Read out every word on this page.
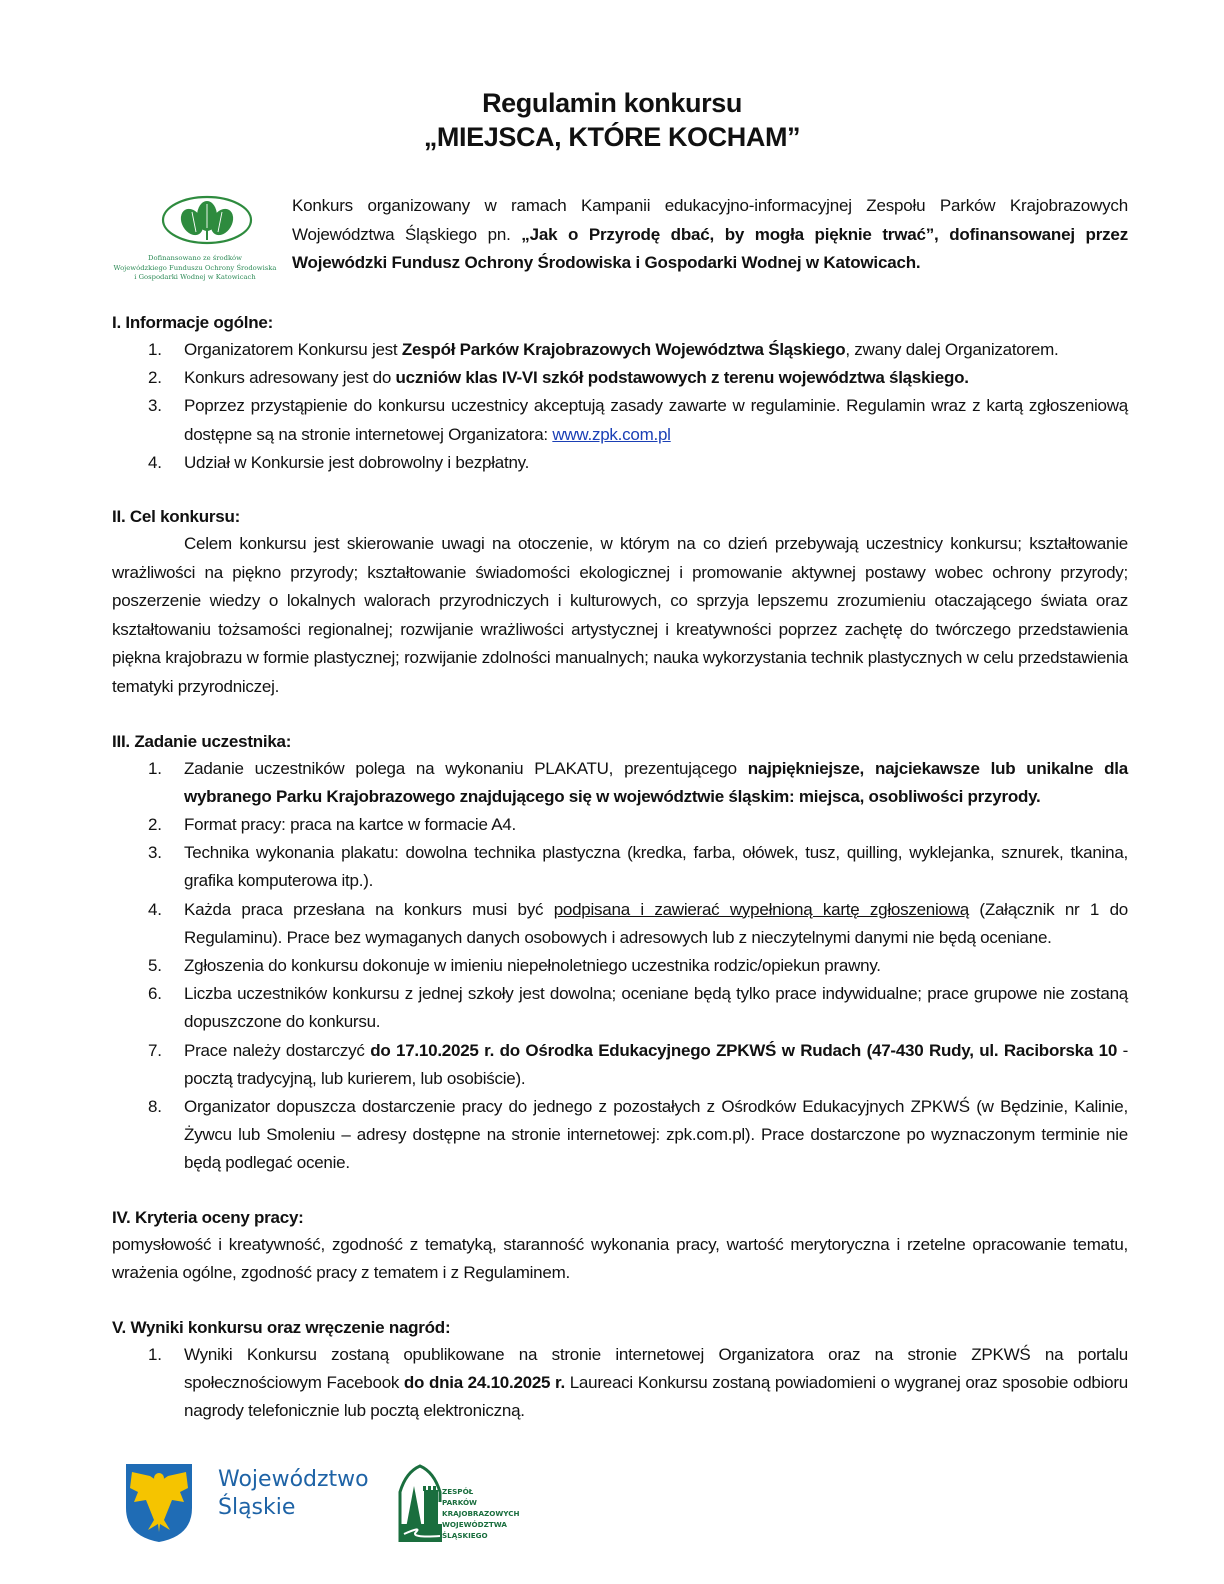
Regulamin konkursu
„MIEJSCA, KTÓRE KOCHAM”
Dofinansowano ze środków
Wojewódzkiego Funduszu Ochrony Środowiska
i Gospodarki Wodnej w Katowicach
Konkurs organizowany w ramach Kampanii edukacyjno-informacyjnej Zespołu Parków Krajobrazowych Województwa Śląskiego pn. „Jak o Przyrodę dbać, by mogła pięknie trwać”, dofinansowanej przez Wojewódzki Fundusz Ochrony Środowiska i Gospodarki Wodnej w Katowicach.
I. Informacje ogólne:
1. Organizatorem Konkursu jest Zespół Parków Krajobrazowych Województwa Śląskiego, zwany dalej Organizatorem.
2. Konkurs adresowany jest do uczniów klas IV-VI szkół podstawowych z terenu województwa śląskiego.
3. Poprzez przystąpienie do konkursu uczestnicy akceptują zasady zawarte w regulaminie. Regulamin wraz z kartą zgłoszeniową dostępne są na stronie internetowej Organizatora: www.zpk.com.pl
4. Udział w Konkursie jest dobrowolny i bezpłatny.
II. Cel konkursu:
Celem konkursu jest skierowanie uwagi na otoczenie, w którym na co dzień przebywają uczestnicy konkursu; kształtowanie wrażliwości na piękno przyrody; kształtowanie świadomości ekologicznej i promowanie aktywnej postawy wobec ochrony przyrody; poszerzenie wiedzy o lokalnych walorach przyrodniczych i kulturowych, co sprzyja lepszemu zrozumieniu otaczającego świata oraz kształtowaniu tożsamości regionalnej; rozwijanie wrażliwości artystycznej i kreatywności poprzez zachętę do twórczego przedstawienia piękna krajobrazu w formie plastycznej; rozwijanie zdolności manualnych; nauka wykorzystania technik plastycznych w celu przedstawienia tematyki przyrodniczej.
III. Zadanie uczestnika:
1. Zadanie uczestników polega na wykonaniu PLAKATU, prezentującego najpiękniejsze, najciekawsze lub unikalne dla wybranego Parku Krajobrazowego znajdującego się w województwie śląskim: miejsca, osobliwości przyrody.
2. Format pracy: praca na kartce w formacie A4.
3. Technika wykonania plakatu: dowolna technika plastyczna (kredka, farba, ołówek, tusz, quilling, wyklejanka, sznurek, tkanina, grafika komputerowa itp.).
4. Każda praca przesłana na konkurs musi być podpisana i zawierać wypełnioną kartę zgłoszeniową (Załącznik nr 1 do Regulaminu). Prace bez wymaganych danych osobowych i adresowych lub z nieczytelnymi danymi nie będą oceniane.
5. Zgłoszenia do konkursu dokonuje w imieniu niepełnoletniego uczestnika rodzic/opiekun prawny.
6. Liczba uczestników konkursu z jednej szkoły jest dowolna; oceniane będą tylko prace indywidualne; prace grupowe nie zostaną dopuszczone do konkursu.
7. Prace należy dostarczyć do 17.10.2025 r. do Ośrodka Edukacyjnego ZPKWŚ w Rudach (47-430 Rudy, ul. Raciborska 10 - pocztą tradycyjną, lub kurierem, lub osobiście).
8. Organizator dopuszcza dostarczenie pracy do jednego z pozostałych z Ośrodków Edukacyjnych ZPKWŚ (w Będzinie, Kalinie, Żywcu lub Smoleniu – adresy dostępne na stronie internetowej: zpk.com.pl). Prace dostarczone po wyznaczonym terminie nie będą podlegać ocenie.
IV. Kryteria oceny pracy:
pomysłowość i kreatywność, zgodność z tematyką, staranność wykonania pracy, wartość merytoryczna i rzetelne opracowanie tematu, wrażenia ogólne, zgodność pracy z tematem i z Regulaminem.
V. Wyniki konkursu oraz wręczenie nagród:
1. Wyniki Konkursu zostaną opublikowane na stronie internetowej Organizatora oraz na stronie ZPKWŚ na portalu społecznościowym Facebook do dnia 24.10.2025 r. Laureaci Konkursu zostaną powiadomieni o wygranej oraz sposobie odbioru nagrody telefonicznie lub pocztą elektroniczną.
Województwo
Śląskie
ZESPÓŁ
PARKÓW
KRAJOBRAZOWYCH
WOJEWÓDZTWA
ŚLĄSKIEGO
